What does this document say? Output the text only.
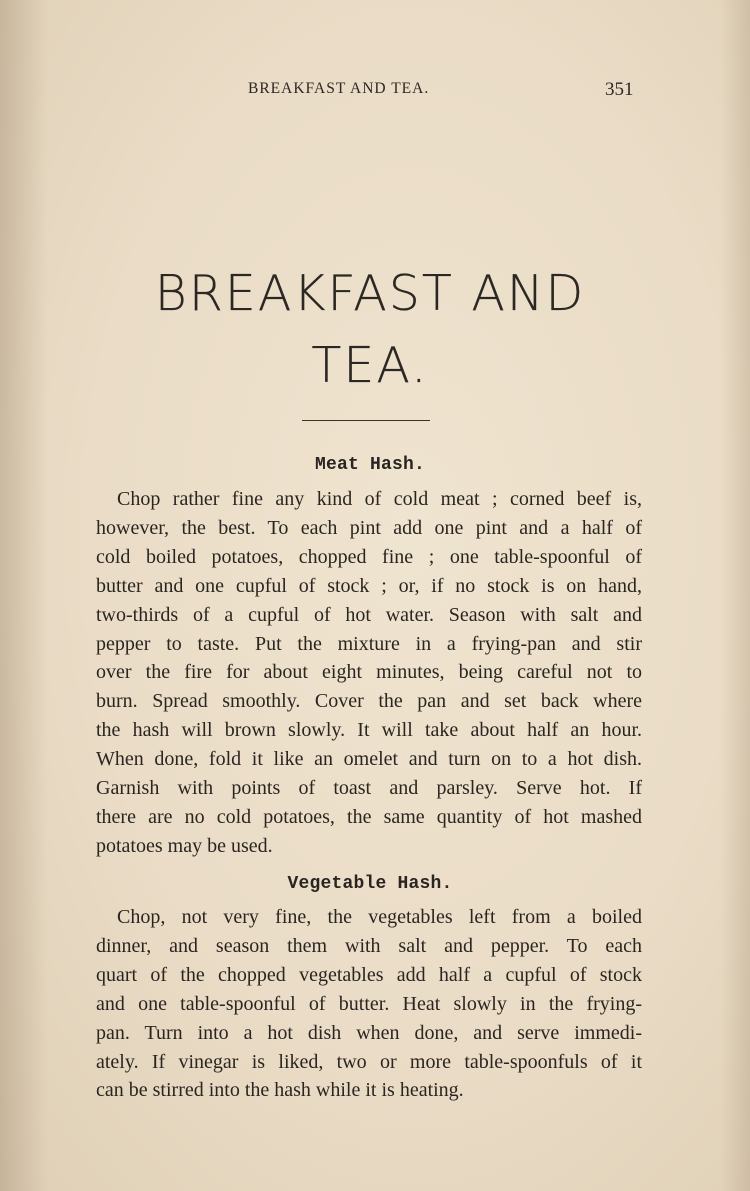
BREAKFAST AND TEA.	351
BREAKFAST AND
TEA.
Meat Hash.
Chop rather fine any kind of cold meat ; corned beef is,
however, the best. To each pint add one pint and a half of
cold boiled potatoes, chopped fine ; one table-spoonful of
butter and one cupful of stock ; or, if no stock is on hand,
two-thirds of a cupful of hot water. Season with salt and
pepper to taste. Put the mixture in a frying-pan and stir
over the fire for about eight minutes, being careful not to
burn. Spread smoothly. Cover the pan and set back where
the hash will brown slowly. It will take about half an hour.
When done, fold it like an omelet and turn on to a hot dish.
Garnish with points of toast and parsley. Serve hot. If
there are no cold potatoes, the same quantity of hot mashed
potatoes may be used.
Vegetable Hash.
Chop, not very fine, the vegetables left from a boiled
dinner, and season them with salt and pepper. To each
quart of the chopped vegetables add half a cupful of stock
and one table-spoonful of butter. Heat slowly in the frying-
pan. Turn into a hot dish when done, and serve immedi-
ately. If vinegar is liked, two or more table-spoonfuls of it
can be stirred into the hash while it is heating.
